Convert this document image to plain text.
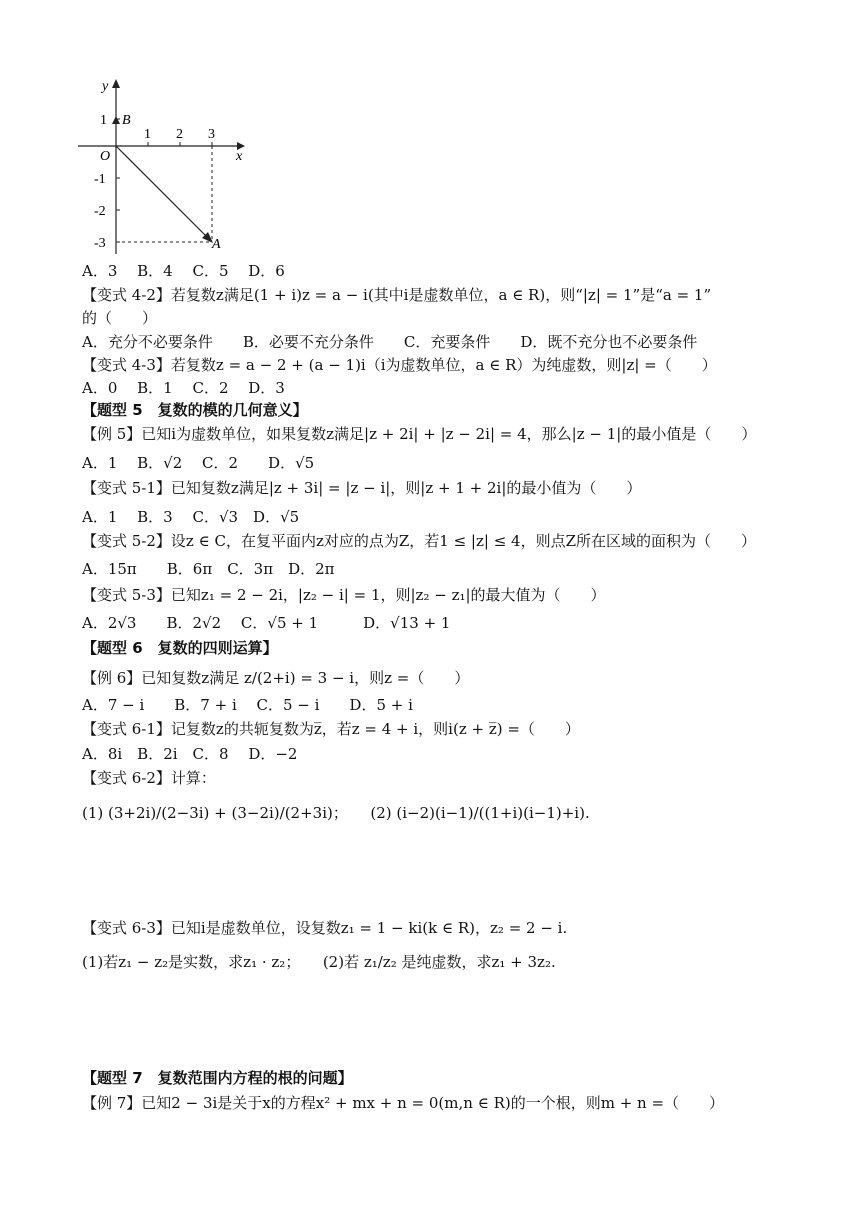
y
x
O
B
A
1 2 3
1
-1
-2
-3
A．3　 B．4　 C．5　 D．6
【变式 4-2】若复数z满足(1 + i)z = a − i(其中i是虚数单位，a ∈ R)，则“|z| = 1”是“a = 1”
的（　　）
A．充分不必要条件　　B．必要不充分条件　　C．充要条件　　D．既不充分也不必要条件
【变式 4-3】若复数z = a − 2 + (a − 1)i（i为虚数单位，a ∈ R）为纯虚数，则|z| =（　　）
A．0　 B．1　 C．2　 D．3
【题型 5　复数的模的几何意义】
【例 5】已知i为虚数单位，如果复数z满足|z + 2i| + |z − 2i| = 4，那么|z − 1|的最小值是（　　）
A．1　 B．√2　 C．2　　D．√5
【变式 5-1】已知复数z满足|z + 3i| = |z − i|，则|z + 1 + 2i|的最小值为（　　）
A．1　 B．3　 C．√3　D．√5
【变式 5-2】设z ∈ C，在复平面内z对应的点为Z，若1 ≤ |z| ≤ 4，则点Z所在区域的面积为（　　）
A．15π　　B．6π　C．3π　D．2π
【变式 5-3】已知z₁ = 2 − 2i，|z₂ − i| = 1，则|z₂ − z₁|的最大值为（　　）
A．2√3　　B．2√2　 C．√5 + 1　　　D．√13 + 1
【题型 6　复数的四则运算】
【例 6】已知复数z满足 z/(2+i) = 3 − i，则z =（　　）
A．7 − i　　B．7 + i　 C．5 − i　　D．5 + i
【变式 6-1】记复数z的共轭复数为z̅，若z = 4 + i，则i(z + z̅) =（　　）
A．8i　B．2i　C．8　 D．−2
【变式 6-2】计算：
(1) (3+2i)/(2−3i) + (3−2i)/(2+3i)；　　(2) (i−2)(i−1)/((1+i)(i−1)+i).
【变式 6-3】已知i是虚数单位，设复数z₁ = 1 − ki(k ∈ R)，z₂ = 2 − i.
(1)若z₁ − z₂是实数，求z₁ · z₂；　　(2)若 z₁/z₂ 是纯虚数，求z₁ + 3z₂.
【题型 7　复数范围内方程的根的问题】
【例 7】已知2 − 3i是关于x的方程x² + mx + n = 0(m,n ∈ R)的一个根，则m + n =（　　）
